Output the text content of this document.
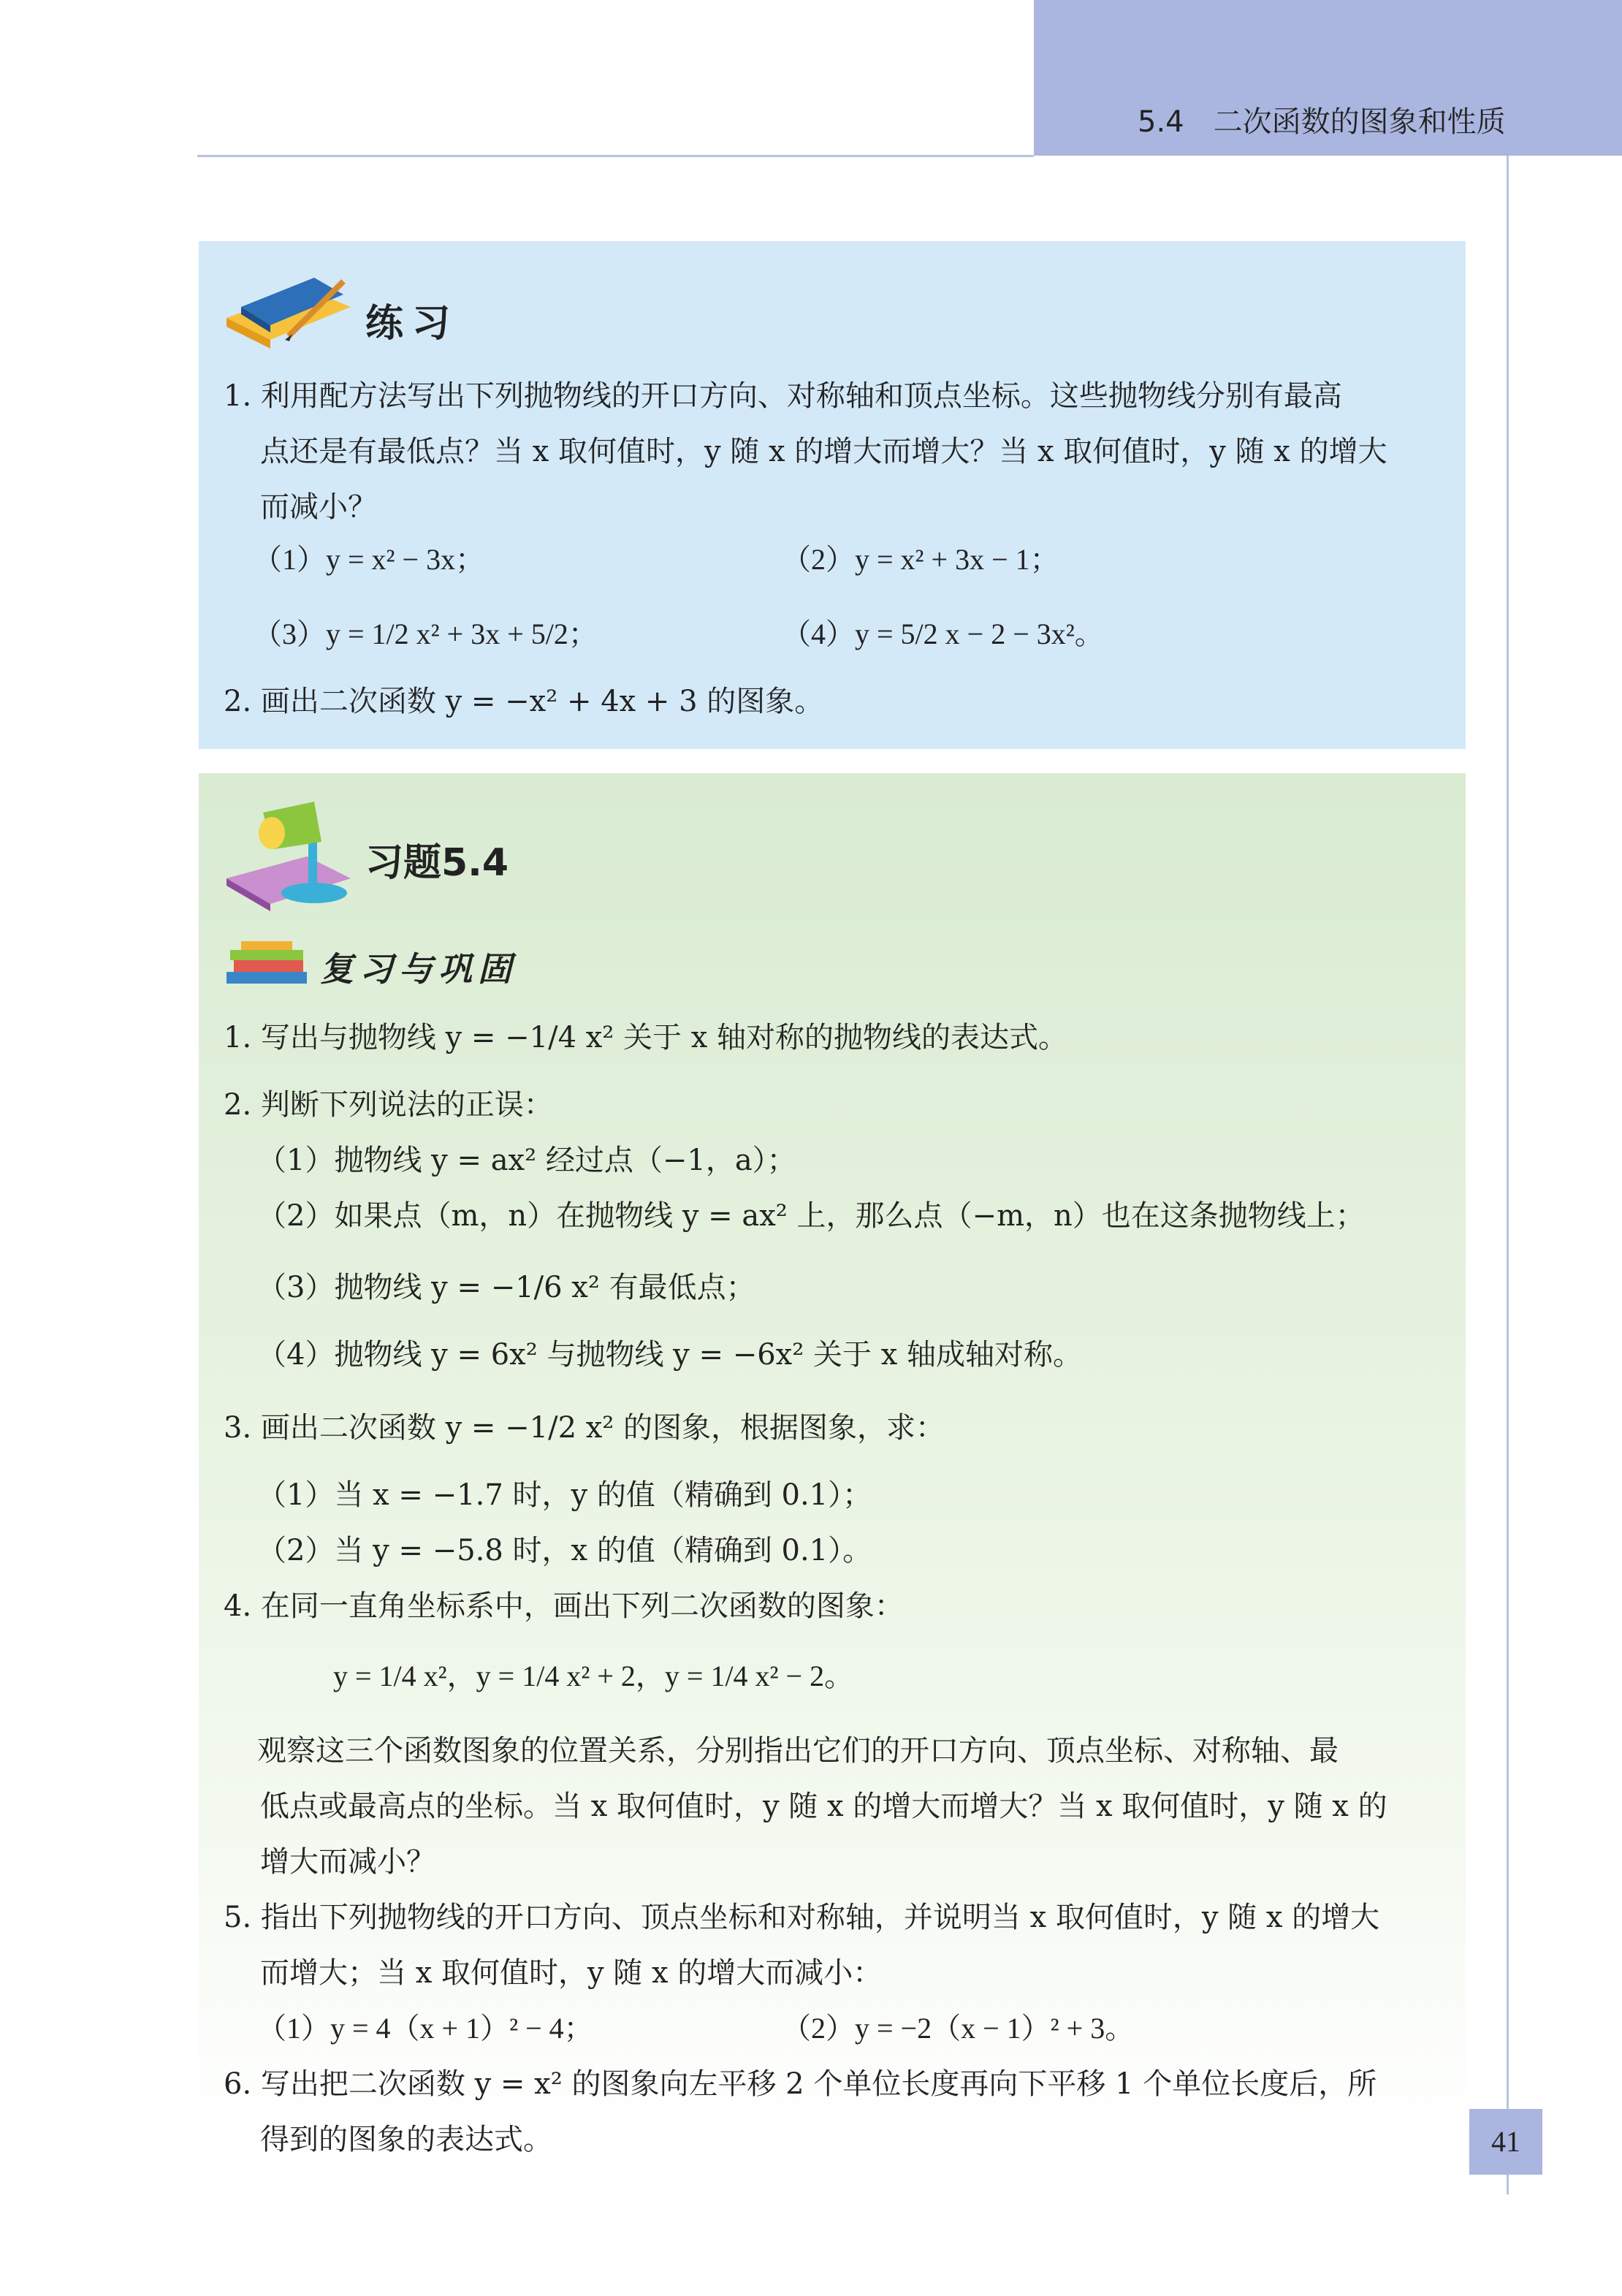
5.4　二次函数的图象和性质
练习
1. 利用配方法写出下列抛物线的开口方向、对称轴和顶点坐标。这些抛物线分别有最高
点还是有最低点？当 x 取何值时，y 随 x 的增大而增大？当 x 取何值时，y 随 x 的增大
而减小？
（1）y = x² − 3x；	（2）y = x² + 3x − 1；
（3）y = 1/2 x² + 3x + 5/2；	（4）y = 5/2 x − 2 − 3x²。
2. 画出二次函数 y = −x² + 4x + 3 的图象。
习题5.4
复习与巩固
1. 写出与抛物线 y = −1/4 x² 关于 x 轴对称的抛物线的表达式。
2. 判断下列说法的正误：
（1）抛物线 y = ax² 经过点（−1，a）；
（2）如果点（m，n）在抛物线 y = ax² 上，那么点（−m，n）也在这条抛物线上；
（3）抛物线 y = −1/6 x² 有最低点；
（4）抛物线 y = 6x² 与抛物线 y = −6x² 关于 x 轴成轴对称。
3. 画出二次函数 y = −1/2 x² 的图象，根据图象，求：
（1）当 x = −1.7 时，y 的值（精确到 0.1）；
（2）当 y = −5.8 时，x 的值（精确到 0.1）。
4. 在同一直角坐标系中，画出下列二次函数的图象：
y = 1/4 x²，y = 1/4 x² + 2，y = 1/4 x² − 2。
观察这三个函数图象的位置关系，分别指出它们的开口方向、顶点坐标、对称轴、最
低点或最高点的坐标。当 x 取何值时，y 随 x 的增大而增大？当 x 取何值时，y 随 x 的
增大而减小？
5. 指出下列抛物线的开口方向、顶点坐标和对称轴，并说明当 x 取何值时，y 随 x 的增大
而增大；当 x 取何值时，y 随 x 的增大而减小：
（1）y = 4（x + 1）² − 4；	（2）y = −2（x − 1）² + 3。
6. 写出把二次函数 y = x² 的图象向左平移 2 个单位长度再向下平移 1 个单位长度后，所
得到的图象的表达式。	41
